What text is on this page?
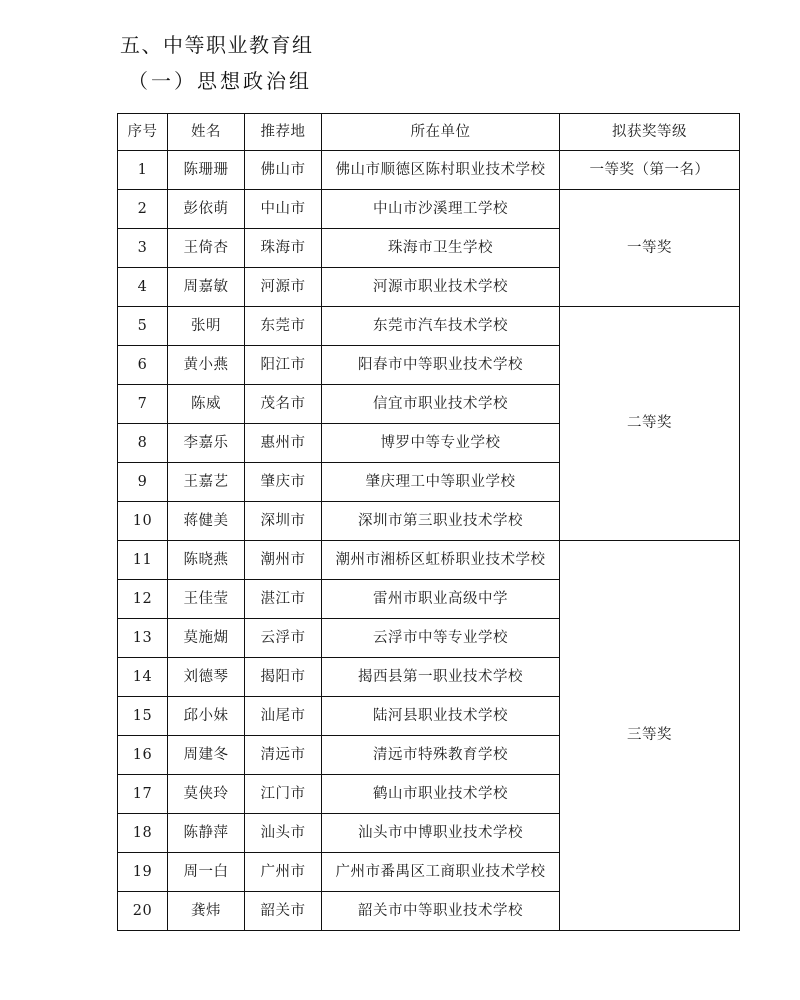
五、中等职业教育组
（一）思想政治组
序号	姓名	推荐地	所在单位	拟获奖等级
1	陈珊珊	佛山市	佛山市顺德区陈村职业技术学校	一等奖（第一名）
2	彭依萌	中山市	中山市沙溪理工学校	一等奖
3	王倚杏	珠海市	珠海市卫生学校	
4	周嘉敏	河源市	河源市职业技术学校	
5	张明	东莞市	东莞市汽车技术学校	二等奖
6	黄小燕	阳江市	阳春市中等职业技术学校	
7	陈威	茂名市	信宜市职业技术学校	
8	李嘉乐	惠州市	博罗中等专业学校	
9	王嘉艺	肇庆市	肇庆理工中等职业学校	
10	蒋健美	深圳市	深圳市第三职业技术学校	
11	陈晓燕	潮州市	潮州市湘桥区虹桥职业技术学校	三等奖
12	王佳莹	湛江市	雷州市职业高级中学	
13	莫施煳	云浮市	云浮市中等专业学校	
14	刘德琴	揭阳市	揭西县第一职业技术学校	
15	邱小妹	汕尾市	陆河县职业技术学校	
16	周建冬	清远市	清远市特殊教育学校	
17	莫侠玲	江门市	鹤山市职业技术学校	
18	陈静萍	汕头市	汕头市中博职业技术学校	
19	周一白	广州市	广州市番禺区工商职业技术学校	
20	龚炜	韶关市	韶关市中等职业技术学校	
